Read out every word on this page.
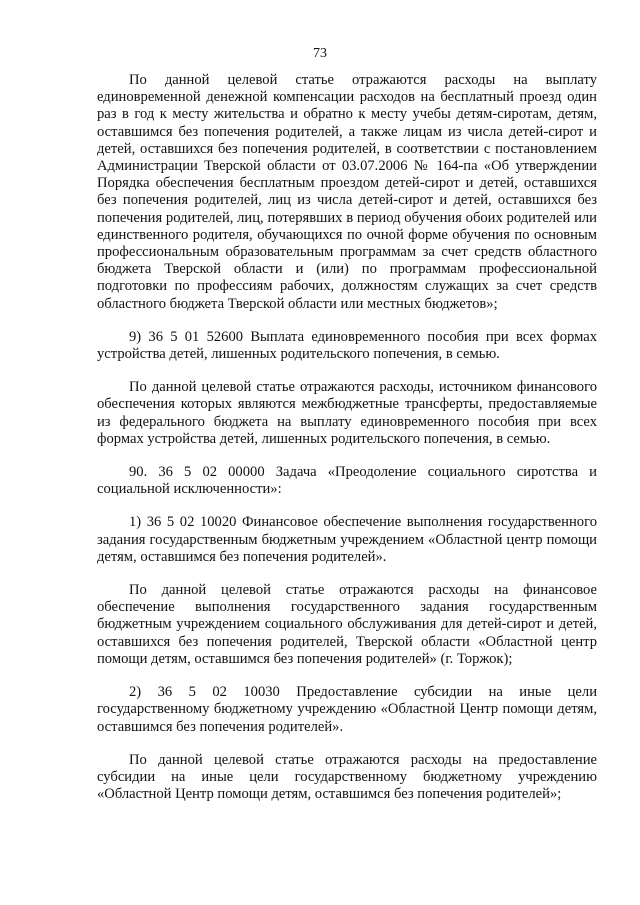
73

По данной целевой статье отражаются расходы на выплату единовременной денежной компенсации расходов на бесплатный проезд один раз в год к месту жительства и обратно к месту учебы детям-сиротам, детям, оставшимся без попечения родителей, а также лицам из числа детей-сирот и детей, оставшихся без попечения родителей, в соответствии с постановлением Администрации Тверской области от 03.07.2006 № 164-па «Об утверждении Порядка обеспечения бесплатным проездом детей-сирот и детей, оставшихся без попечения родителей, лиц из числа детей-сирот и детей, оставшихся без попечения родителей, лиц, потерявших в период обучения обоих родителей или единственного родителя, обучающихся по очной форме обучения по основным профессиональным образовательным программам за счет средств областного бюджета Тверской области и (или) по программам профессиональной подготовки по профессиям рабочих, должностям служащих за счет средств областного бюджета Тверской области или местных бюджетов»;

9) 36 5 01 52600 Выплата единовременного пособия при всех формах устройства детей, лишенных родительского попечения, в семью.

По данной целевой статье отражаются расходы, источником финансового обеспечения которых являются межбюджетные трансферты, предоставляемые из федерального бюджета на выплату единовременного пособия при всех формах устройства детей, лишенных родительского попечения, в семью.

90. 36 5 02 00000 Задача «Преодоление социального сиротства и социальной исключенности»:

1) 36 5 02 10020 Финансовое обеспечение выполнения государственного задания государственным бюджетным учреждением «Областной центр помощи детям, оставшимся без попечения родителей».

По данной целевой статье отражаются расходы на финансовое обеспечение выполнения государственного задания государственным бюджетным учреждением социального обслуживания для детей-сирот и детей, оставшихся без попечения родителей, Тверской области «Областной центр помощи детям, оставшимся без попечения родителей» (г. Торжок);

2) 36 5 02 10030 Предоставление субсидии на иные цели государственному бюджетному учреждению «Областной Центр помощи детям, оставшимся без попечения родителей».

По данной целевой статье отражаются расходы на предоставление субсидии на иные цели государственному бюджетному учреждению «Областной Центр помощи детям, оставшимся без попечения родителей»;
